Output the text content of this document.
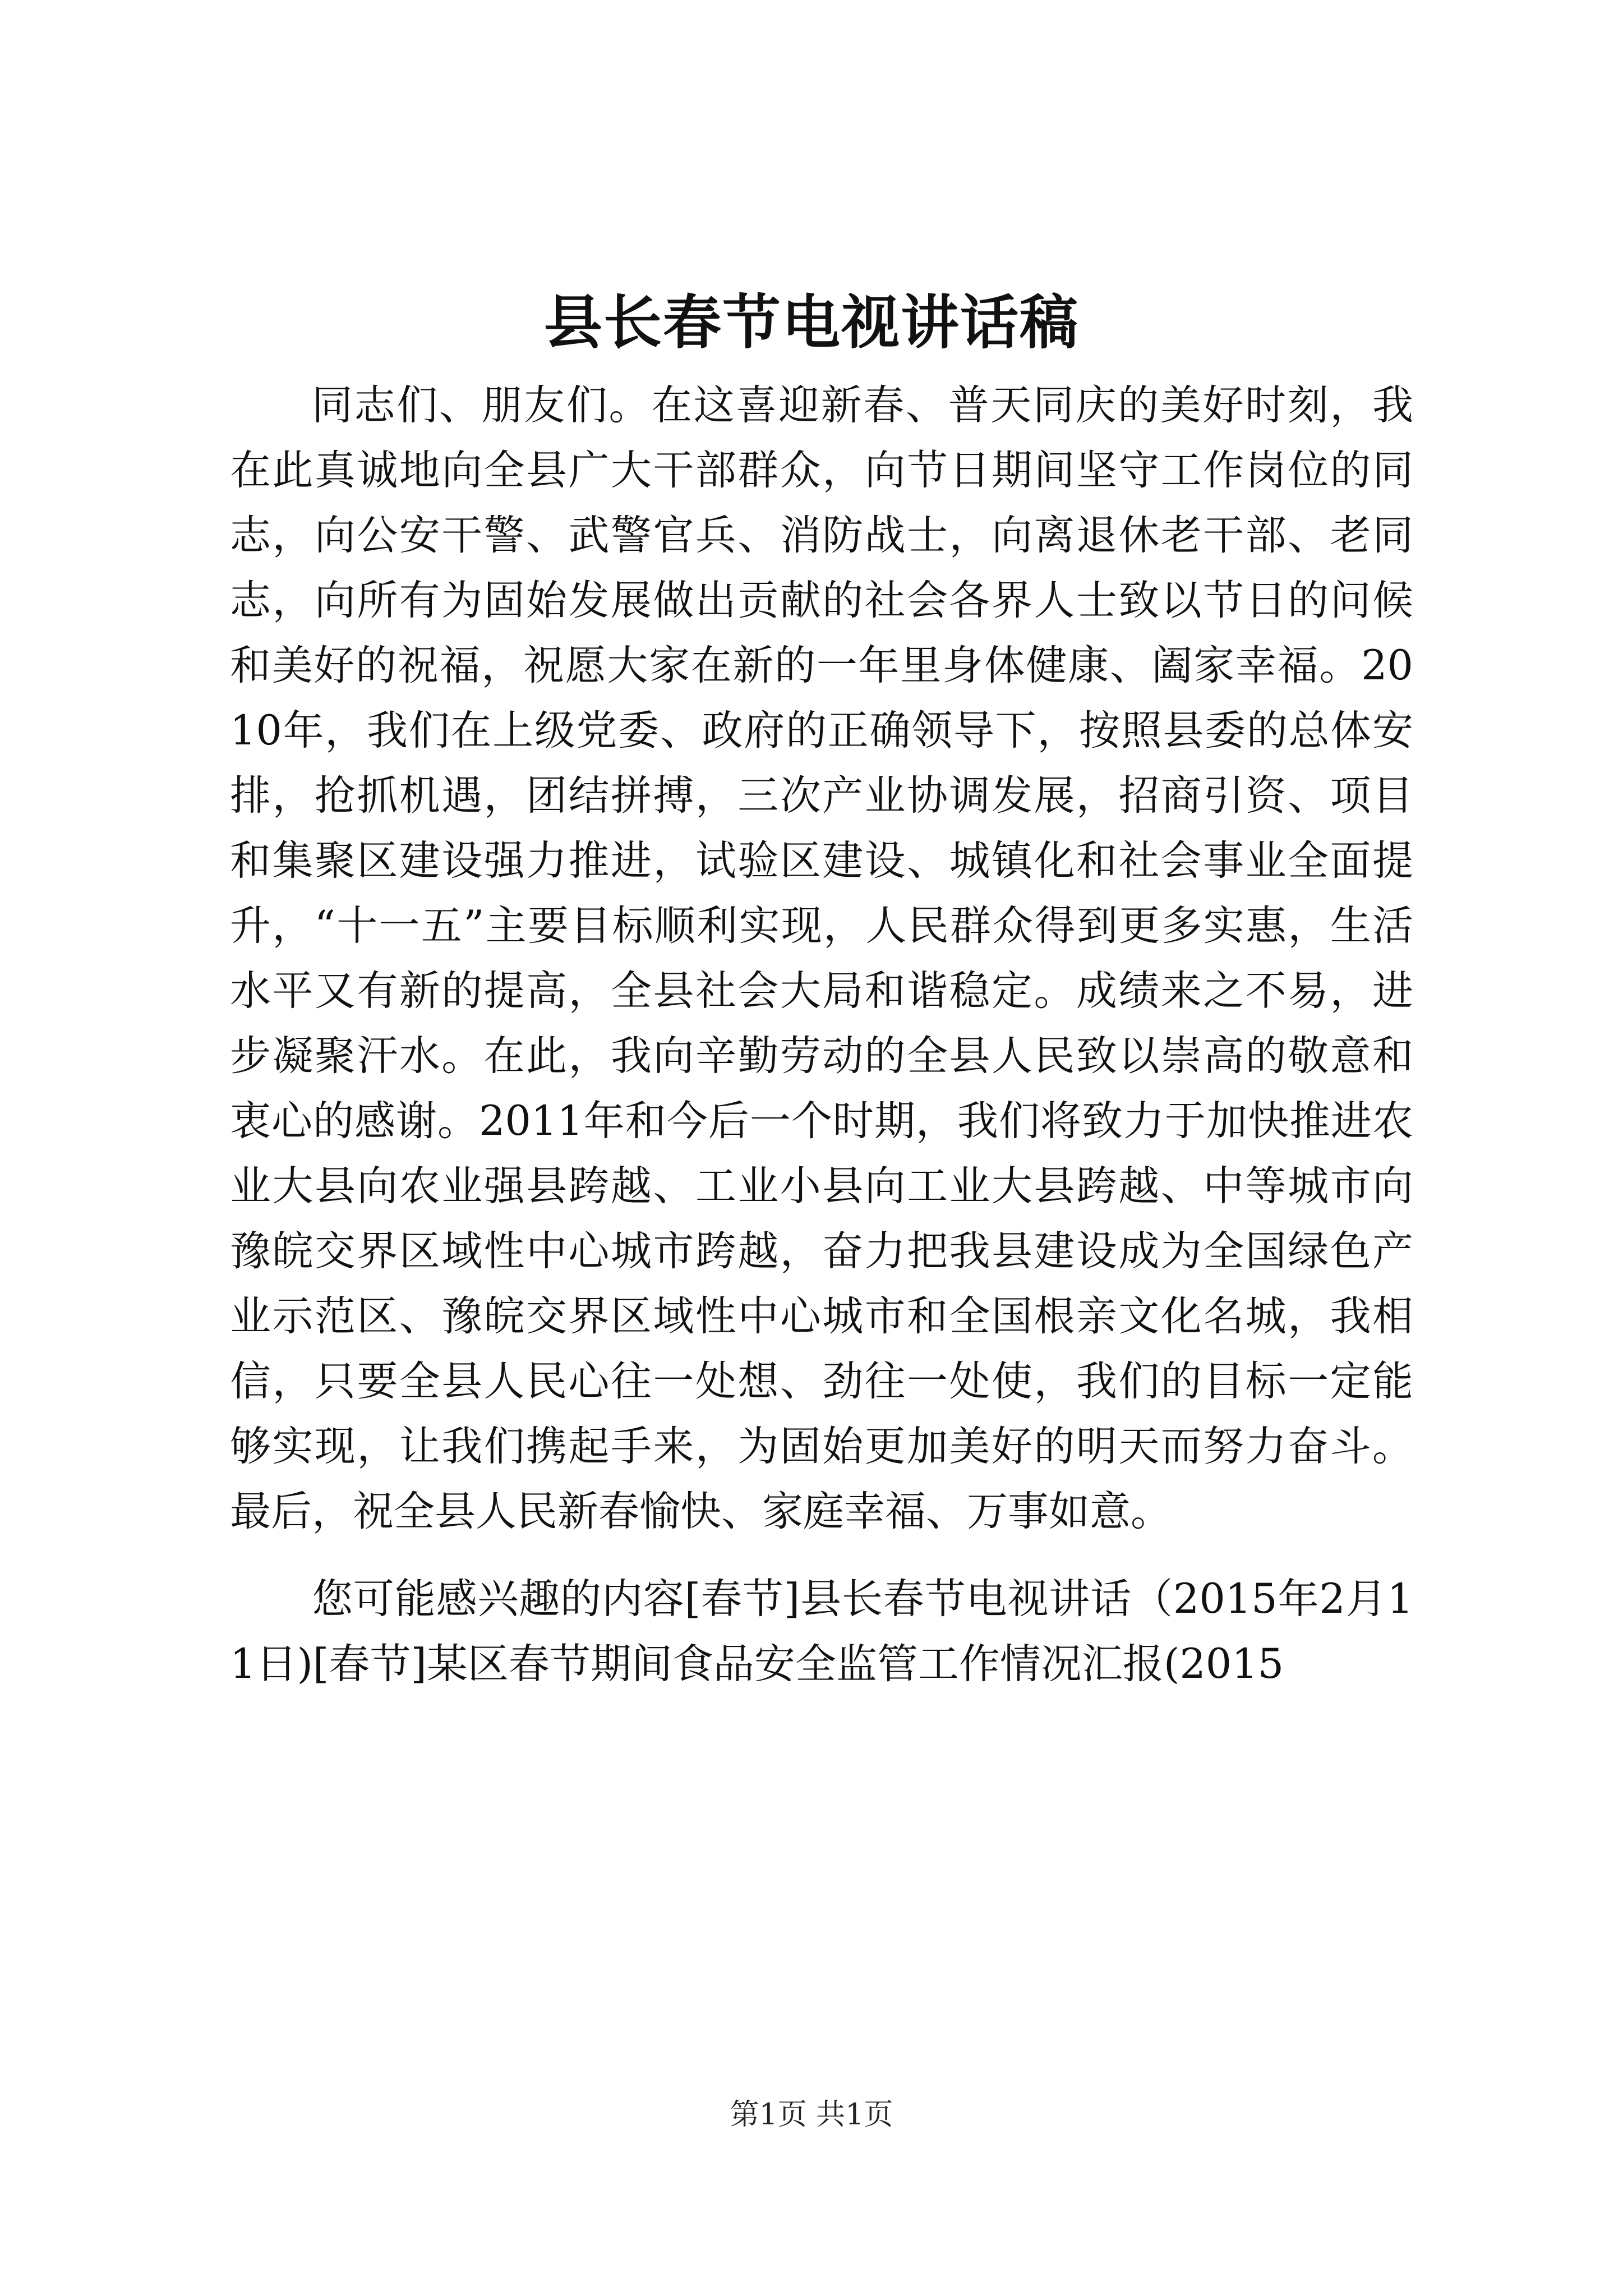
县长春节电视讲话稿

同志们、朋友们。在这喜迎新春、普天同庆的美好时刻，我在此真诚地向全县广大干部群众，向节日期间坚守工作岗位的同志，向公安干警、武警官兵、消防战士，向离退休老干部、老同志，向所有为固始发展做出贡献的社会各界人士致以节日的问候和美好的祝福，祝愿大家在新的一年里身体健康、阖家幸福。2010年，我们在上级党委、政府的正确领导下，按照县委的总体安排，抢抓机遇，团结拼搏，三次产业协调发展，招商引资、项目和集聚区建设强力推进，试验区建设、城镇化和社会事业全面提升，“十一五”主要目标顺利实现，人民群众得到更多实惠，生活水平又有新的提高，全县社会大局和谐稳定。成绩来之不易，进步凝聚汗水。在此，我向辛勤劳动的全县人民致以崇高的敬意和衷心的感谢。2011年和今后一个时期，我们将致力于加快推进农业大县向农业强县跨越、工业小县向工业大县跨越、中等城市向豫皖交界区域性中心城市跨越，奋力把我县建设成为全国绿色产业示范区、豫皖交界区域性中心城市和全国根亲文化名城，我相信，只要全县人民心往一处想、劲往一处使，我们的目标一定能够实现，让我们携起手来，为固始更加美好的明天而努力奋斗。最后，祝全县人民新春愉快、家庭幸福、万事如意。

您可能感兴趣的内容[春节]县长春节电视讲话（2015年2月11日)[春节]某区春节期间食品安全监管工作情况汇报(2015

第1页 共1页
